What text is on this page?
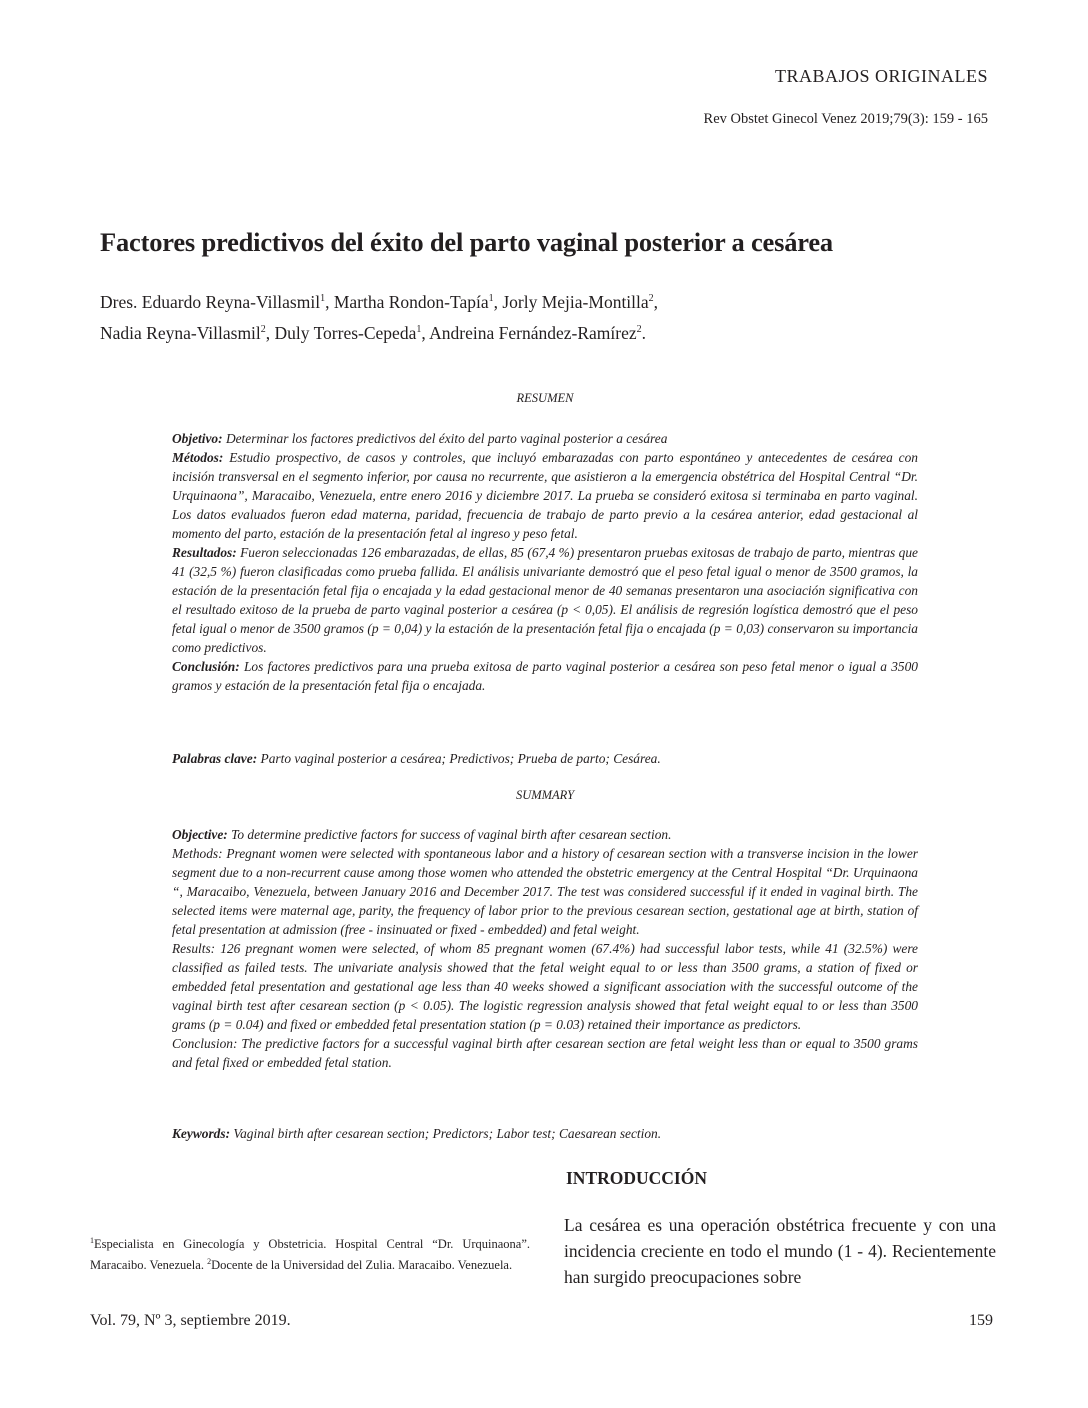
TRABAJOS ORIGINALES
Rev Obstet Ginecol Venez 2019;79(3): 159 - 165
Factores predictivos del éxito del parto vaginal posterior a cesárea
Dres. Eduardo Reyna-Villasmil$^1$, Martha Rondon-Tapía$^1$, Jorly Mejia-Montilla$^2$,
Nadia Reyna-Villasmil$^2$, Duly Torres-Cepeda$^1$, Andreina Fernández-Ramírez$^2$.
RESUMEN

Objetivo: Determinar los factores predictivos del éxito del parto vaginal posterior a cesárea

Métodos: Estudio prospectivo, de casos y controles, que incluyó embarazadas con parto espontáneo y antecedentes de cesárea con incisión transversal en el segmento inferior, por causa no recurrente, que asistieron a la emergencia obstétrica del Hospital Central “Dr. Urquinaona”, Maracaibo, Venezuela, entre enero 2016 y diciembre 2017. La prueba se consideró exitosa si terminaba en parto vaginal. Los datos evaluados fueron edad materna, paridad, frecuencia de trabajo de parto previo a la cesárea anterior, edad gestacional al momento del parto, estación de la presentación fetal al ingreso y peso fetal.

Resultados: Fueron seleccionadas 126 embarazadas, de ellas, 85 (67,4 %) presentaron pruebas exitosas de trabajo de parto, mientras que 41 (32,5 %) fueron clasificadas como prueba fallida. El análisis univariante demostró que el peso fetal igual o menor de 3500 gramos, la estación de la presentación fetal fija o encajada y la edad gestacional menor de 40 semanas presentaron una asociación significativa con el resultado exitoso de la prueba de parto vaginal posterior a cesárea (p < 0,05). El análisis de regresión logística demostró que el peso fetal igual o menor de 3500 gramos (p = 0,04) y la estación de la presentación fetal fija o encajada (p = 0,03) conservaron su importancia como predictivos.

Conclusión: Los factores predictivos para una prueba exitosa de parto vaginal posterior a cesárea son peso fetal menor o igual a 3500 gramos y estación de la presentación fetal fija o encajada.

Palabras clave: Parto vaginal posterior a cesárea; Predictivos; Prueba de parto; Cesárea.

SUMMARY

Objective: To determine predictive factors for success of vaginal birth after cesarean section.

Methods: Pregnant women were selected with spontaneous labor and a history of cesarean section with a transverse incision in the lower segment due to a non-recurrent cause among those women who attended the obstetric emergency at the Central Hospital “Dr. Urquinaona “, Maracaibo, Venezuela, between January 2016 and December 2017. The test was considered successful if it ended in vaginal birth. The selected items were maternal age, parity, the frequency of labor prior to the previous cesarean section, gestational age at birth, station of fetal presentation at admission (free - insinuated or fixed - embedded) and fetal weight.

Results: 126 pregnant women were selected, of whom 85 pregnant women (67.4%) had successful labor tests, while 41 (32.5%) were classified as failed tests. The univariate analysis showed that the fetal weight equal to or less than 3500 grams, a station of fixed or embedded fetal presentation and gestational age less than 40 weeks showed a significant association with the successful outcome of the vaginal birth test after cesarean section (p < 0.05). The logistic regression analysis showed that fetal weight equal to or less than 3500 grams (p = 0.04) and fixed or embedded fetal presentation station (p = 0.03) retained their importance as predictors.

Conclusion: The predictive factors for a successful vaginal birth after cesarean section are fetal weight less than or equal to 3500 grams and fetal fixed or embedded fetal station.

Keywords: Vaginal birth after cesarean section; Predictors; Labor test; Caesarean section.

INTRODUCCIÓN
La cesárea es una operación obstétrica frecuente y con una incidencia creciente en todo el mundo (1 - 4). Recientemente han surgido preocupaciones sobre
$^1$Especialista en Ginecología y Obstetricia. Hospital Central “Dr. Urquinaona”. Maracaibo. Venezuela. $^2$Docente de la Universidad del Zulia. Maracaibo. Venezuela.
Vol. 79, Nº 3, septiembre 2019.	159
